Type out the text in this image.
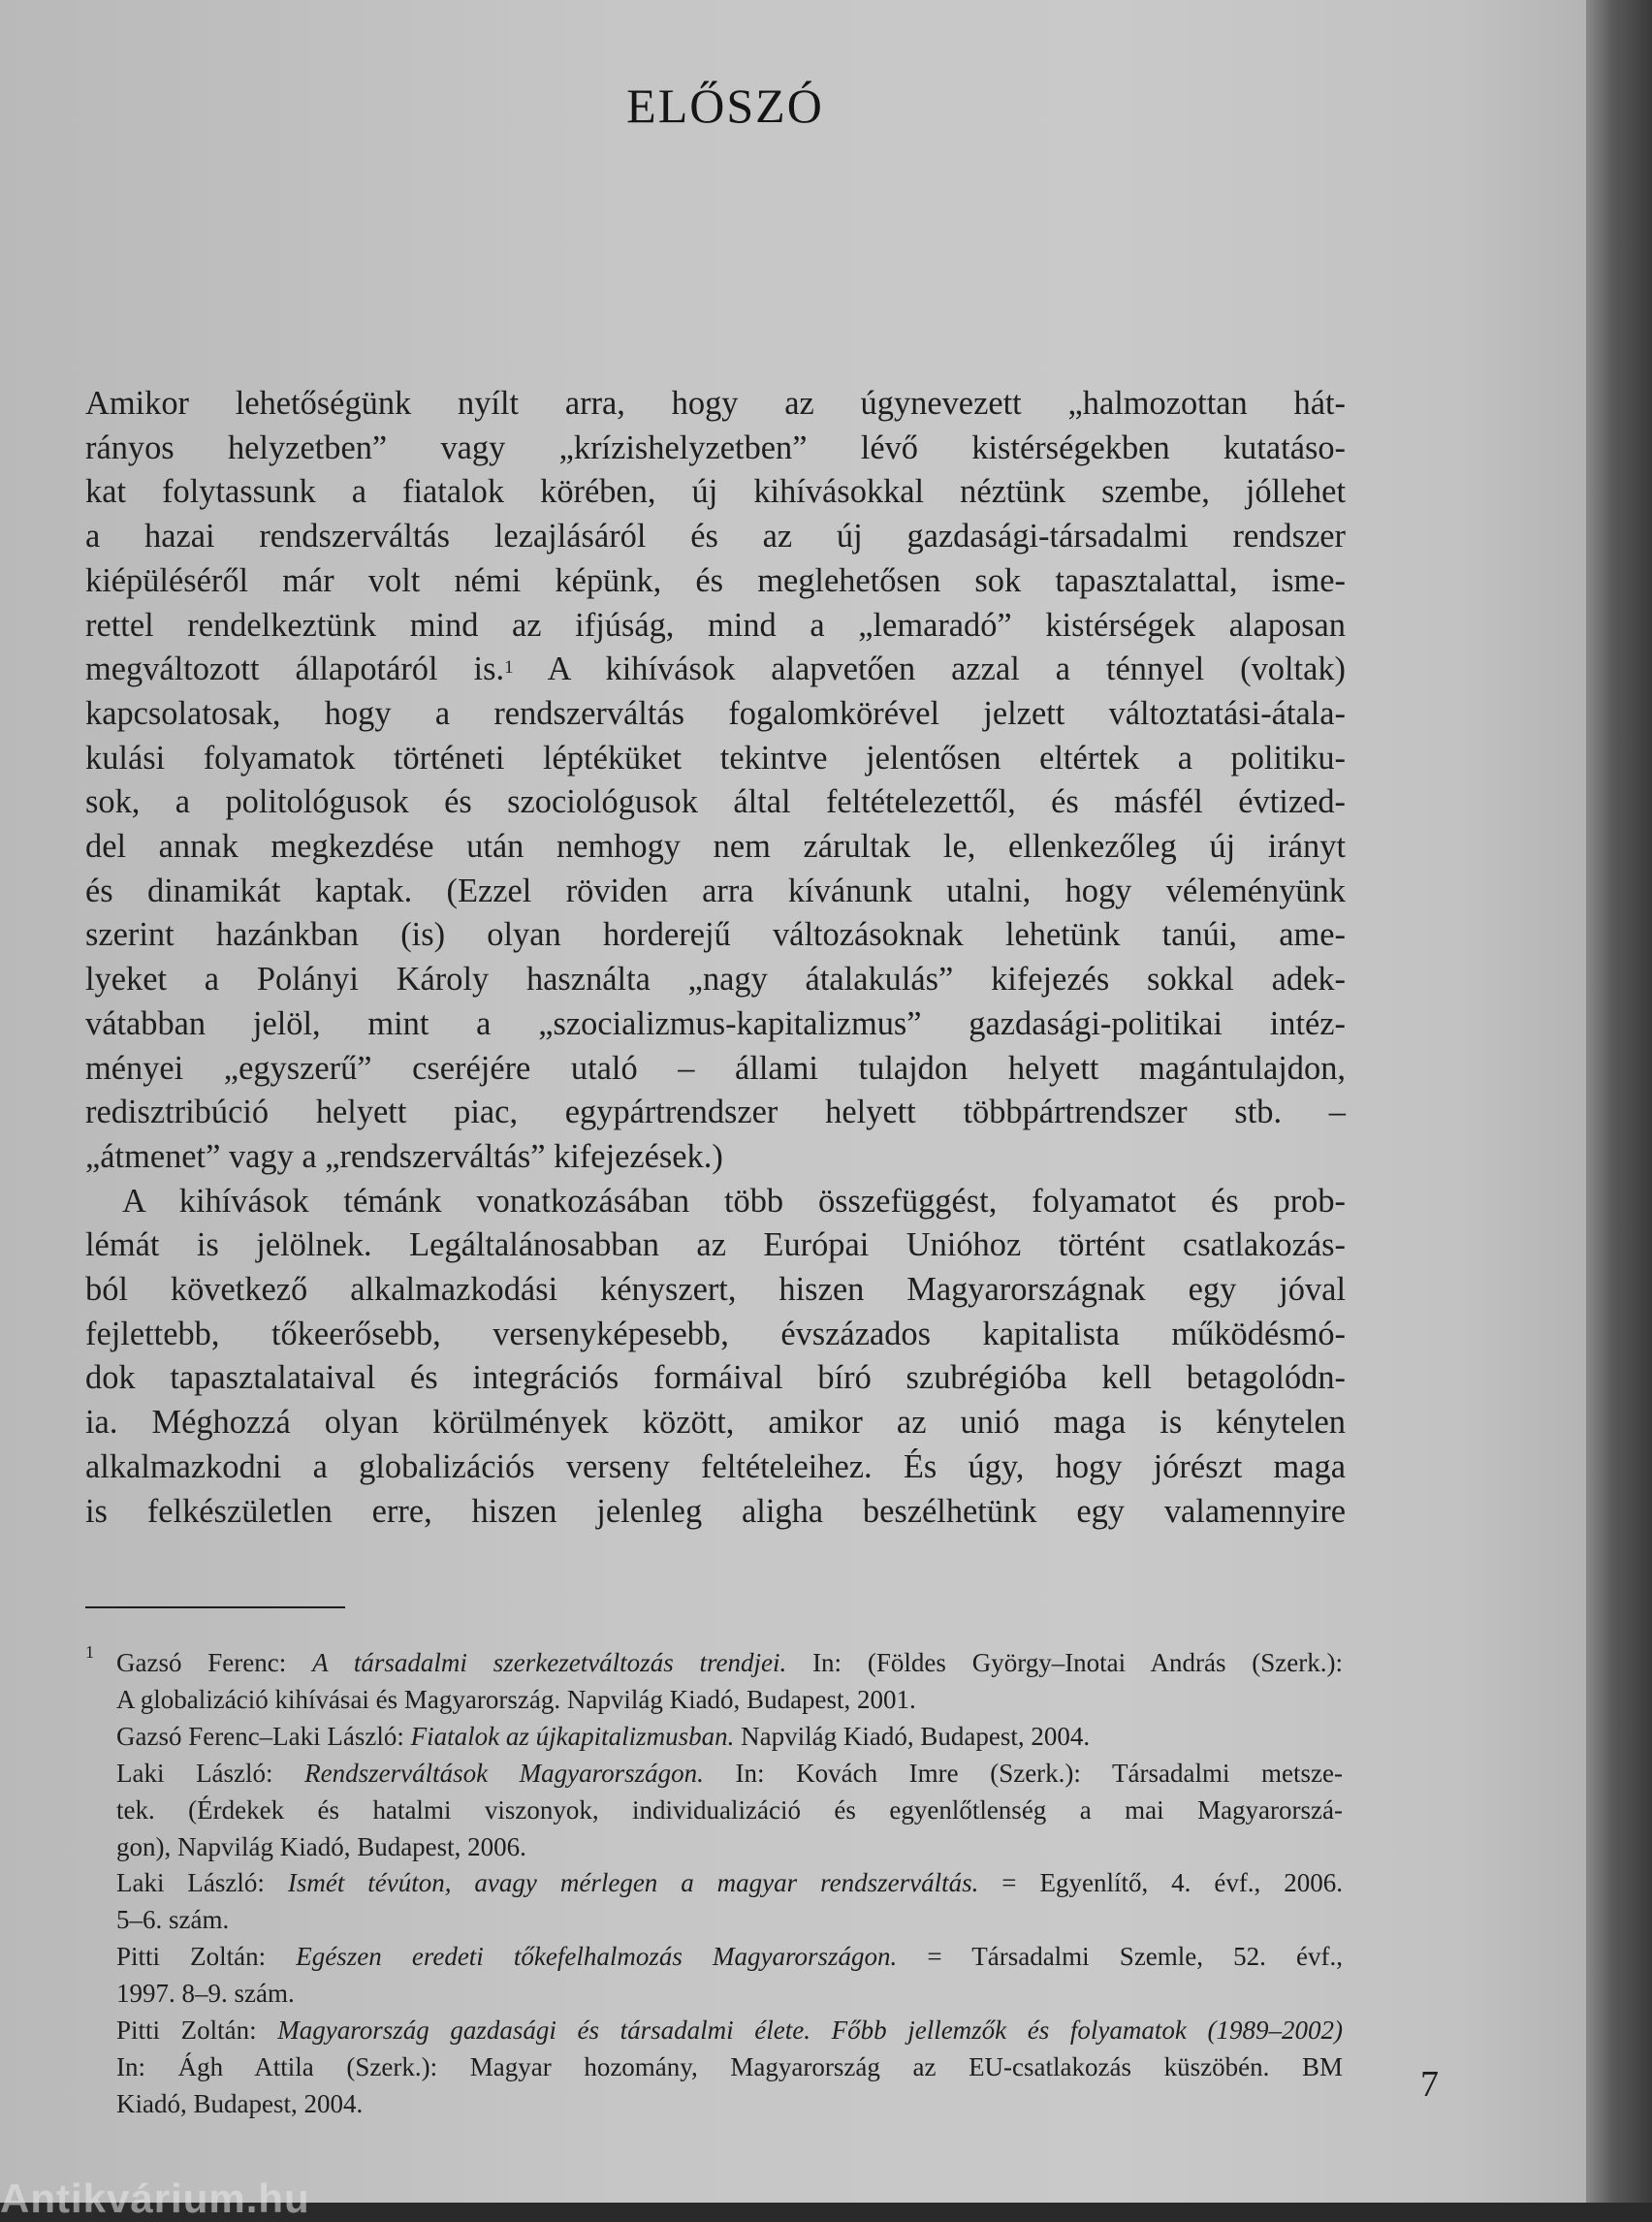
ELŐSZÓ

Amikor lehetőségünk nyílt arra, hogy az úgynevezett „halmozottan hát-
rányos helyzetben” vagy „krízishelyzetben” lévő kistérségekben kutatáso-
kat folytassunk a fiatalok körében, új kihívásokkal néztünk szembe, jóllehet
a hazai rendszerváltás lezajlásáról és az új gazdasági-társadalmi rendszer
kiépüléséről már volt némi képünk, és meglehetősen sok tapasztalattal, isme-
rettel rendelkeztünk mind az ifjúság, mind a „lemaradó” kistérségek alaposan
megváltozott állapotáról is.$^1$ A kihívások alapvetően azzal a ténnyel (voltak)
kapcsolatosak, hogy a rendszerváltás fogalomkörével jelzett változtatási-átala-
kulási folyamatok történeti léptéküket tekintve jelentősen eltértek a politiku-
sok, a politológusok és szociológusok által feltételezettől, és másfél évtized-
del annak megkezdése után nemhogy nem zárultak le, ellenkezőleg új irányt
és dinamikát kaptak. (Ezzel röviden arra kívánunk utalni, hogy véleményünk
szerint hazánkban (is) olyan horderejű változásoknak lehetünk tanúi, ame-
lyeket a Polányi Károly használta „nagy átalakulás” kifejezés sokkal adek-
vátabban jelöl, mint a „szocializmus-kapitalizmus” gazdasági-politikai intéz-
ményei „egyszerű” cseréjére utaló – állami tulajdon helyett magántulajdon,
redisztribúció helyett piac, egypártrendszer helyett többpártrendszer stb. –
„átmenet” vagy a „rendszerváltás” kifejezések.)

A kihívások témánk vonatkozásában több összefüggést, folyamatot és prob-
lémát is jelölnek. Legáltalánosabban az Európai Unióhoz történt csatlakozás-
ból következő alkalmazkodási kényszert, hiszen Magyarországnak egy jóval
fejlettebb, tőkeerősebb, versenyképesebb, évszázados kapitalista működésmó-
dok tapasztalataival és integrációs formáival bíró szubrégióba kell betagolódn-
ia. Méghozzá olyan körülmények között, amikor az unió maga is kénytelen
alkalmazkodni a globalizációs verseny feltételeihez. És úgy, hogy jórészt maga
is felkészületlen erre, hiszen jelenleg aligha beszélhetünk egy valamennyire

1 Gazsó Ferenc: A társadalmi szerkezetváltozás trendjei. In: (Földes György–Inotai András (Szerk.):
A globalizáció kihívásai és Magyarország. Napvilág Kiadó, Budapest, 2001.
Gazsó Ferenc–Laki László: Fiatalok az újkapitalizmusban. Napvilág Kiadó, Budapest, 2004.
Laki László: Rendszerváltások Magyarországon. In: Kovách Imre (Szerk.): Társadalmi metsze-
tek. (Érdekek és hatalmi viszonyok, individualizáció és egyenlőtlenség a mai Magyarorszá-
gon), Napvilág Kiadó, Budapest, 2006.
Laki László: Ismét tévúton, avagy mérlegen a magyar rendszerváltás. = Egyenlítő, 4. évf., 2006.
5–6. szám.
Pitti Zoltán: Egészen eredeti tőkefelhalmozás Magyarországon. = Társadalmi Szemle, 52. évf.,
1997. 8–9. szám.
Pitti Zoltán: Magyarország gazdasági és társadalmi élete. Főbb jellemzők és folyamatok (1989–2002)
In: Ágh Attila (Szerk.): Magyar hozomány, Magyarország az EU-csatlakozás küszöbén. BM
Kiadó, Budapest, 2004.	7
Antikvárium.hu
